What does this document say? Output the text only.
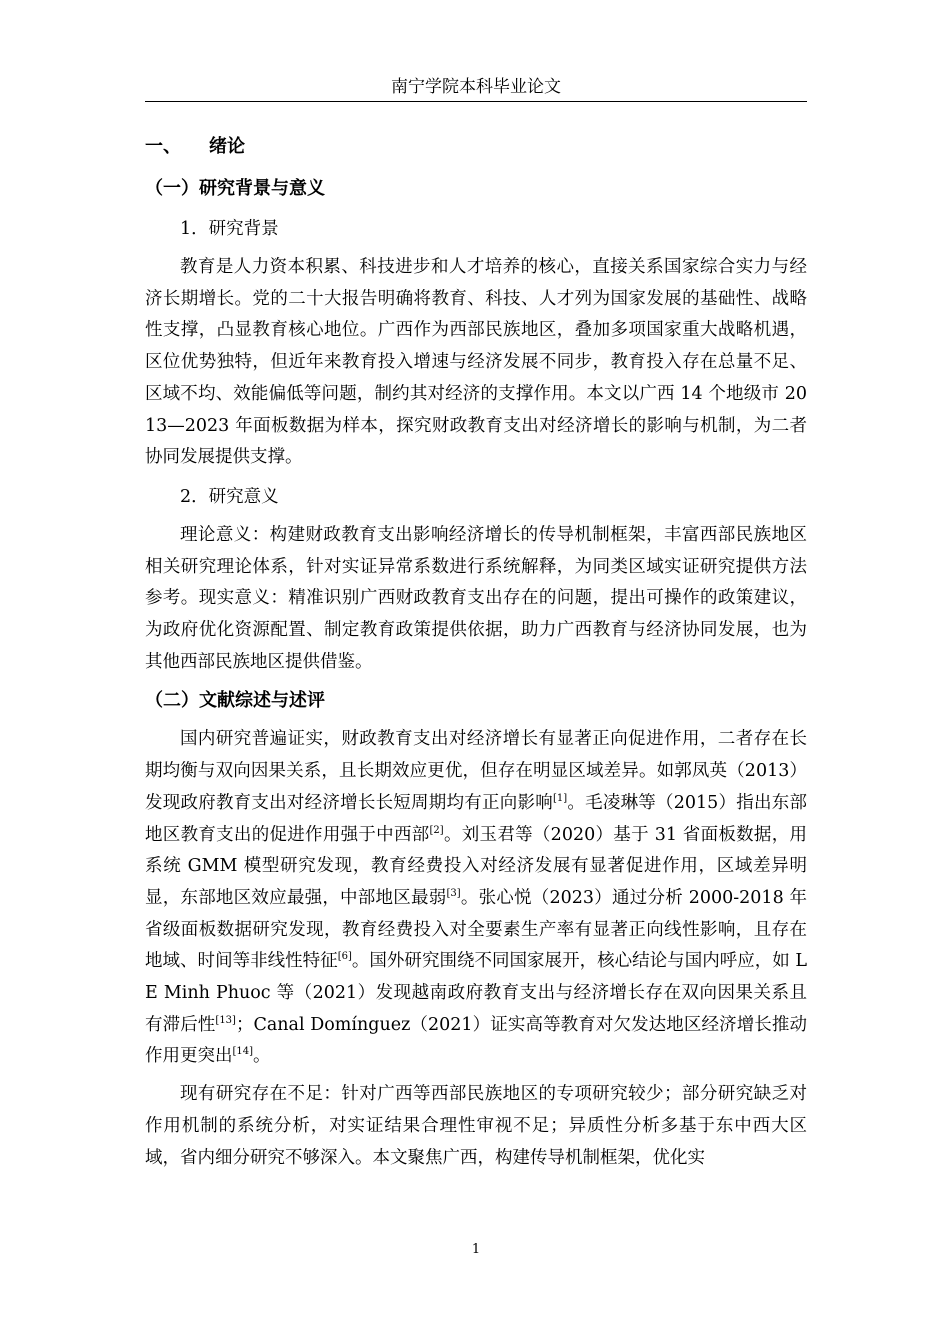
南宁学院本科毕业论文
一、 绪论
（一）研究背景与意义
1．研究背景

教育是人力资本积累、科技进步和人才培养的核心，直接关系国家综合实力与经济长期增长。党的二十大报告明确将教育、科技、人才列为国家发展的基础性、战略性支撑，凸显教育核心地位。广西作为西部民族地区，叠加多项国家重大战略机遇，区位优势独特，但近年来教育投入增速与经济发展不同步，教育投入存在总量不足、区域不均、效能偏低等问题，制约其对经济的支撑作用。本文以广西 14 个地级市 2013—2023 年面板数据为样本，探究财政教育支出对经济增长的影响与机制，为二者协同发展提供支撑。

2．研究意义

理论意义：构建财政教育支出影响经济增长的传导机制框架，丰富西部民族地区相关研究理论体系，针对实证异常系数进行系统解释，为同类区域实证研究提供方法参考。现实意义：精准识别广西财政教育支出存在的问题，提出可操作的政策建议，为政府优化资源配置、制定教育政策提供依据，助力广西教育与经济协同发展，也为其他西部民族地区提供借鉴。

（二）文献综述与述评

国内研究普遍证实，财政教育支出对经济增长有显著正向促进作用，二者存在长期均衡与双向因果关系，且长期效应更优，但存在明显区域差异。如郭凤英（2013）发现政府教育支出对经济增长长短周期均有正向影响[1]。毛凌琳等（2015）指出东部地区教育支出的促进作用强于中西部[2]。刘玉君等（2020）基于 31 省面板数据，用系统 GMM 模型研究发现，教育经费投入对经济发展有显著促进作用，区域差异明显，东部地区效应最强，中部地区最弱[3]。张心悦（2023）通过分析 2000-2018 年省级面板数据研究发现，教育经费投入对全要素生产率有显著正向线性影响，且存在地域、时间等非线性特征[6]。国外研究围绕不同国家展开，核心结论与国内呼应，如 LE Minh Phuoc 等（2021）发现越南政府教育支出与经济增长存在双向因果关系且有滞后性[13]；Canal Domínguez（2021）证实高等教育对欠发达地区经济增长推动作用更突出[14]。

现有研究存在不足：针对广西等西部民族地区的专项研究较少；部分研究缺乏对作用机制的系统分析，对实证结果合理性审视不足；异质性分析多基于东中西大区域，省内细分研究不够深入。本文聚焦广西，构建传导机制框架，优化实

1
